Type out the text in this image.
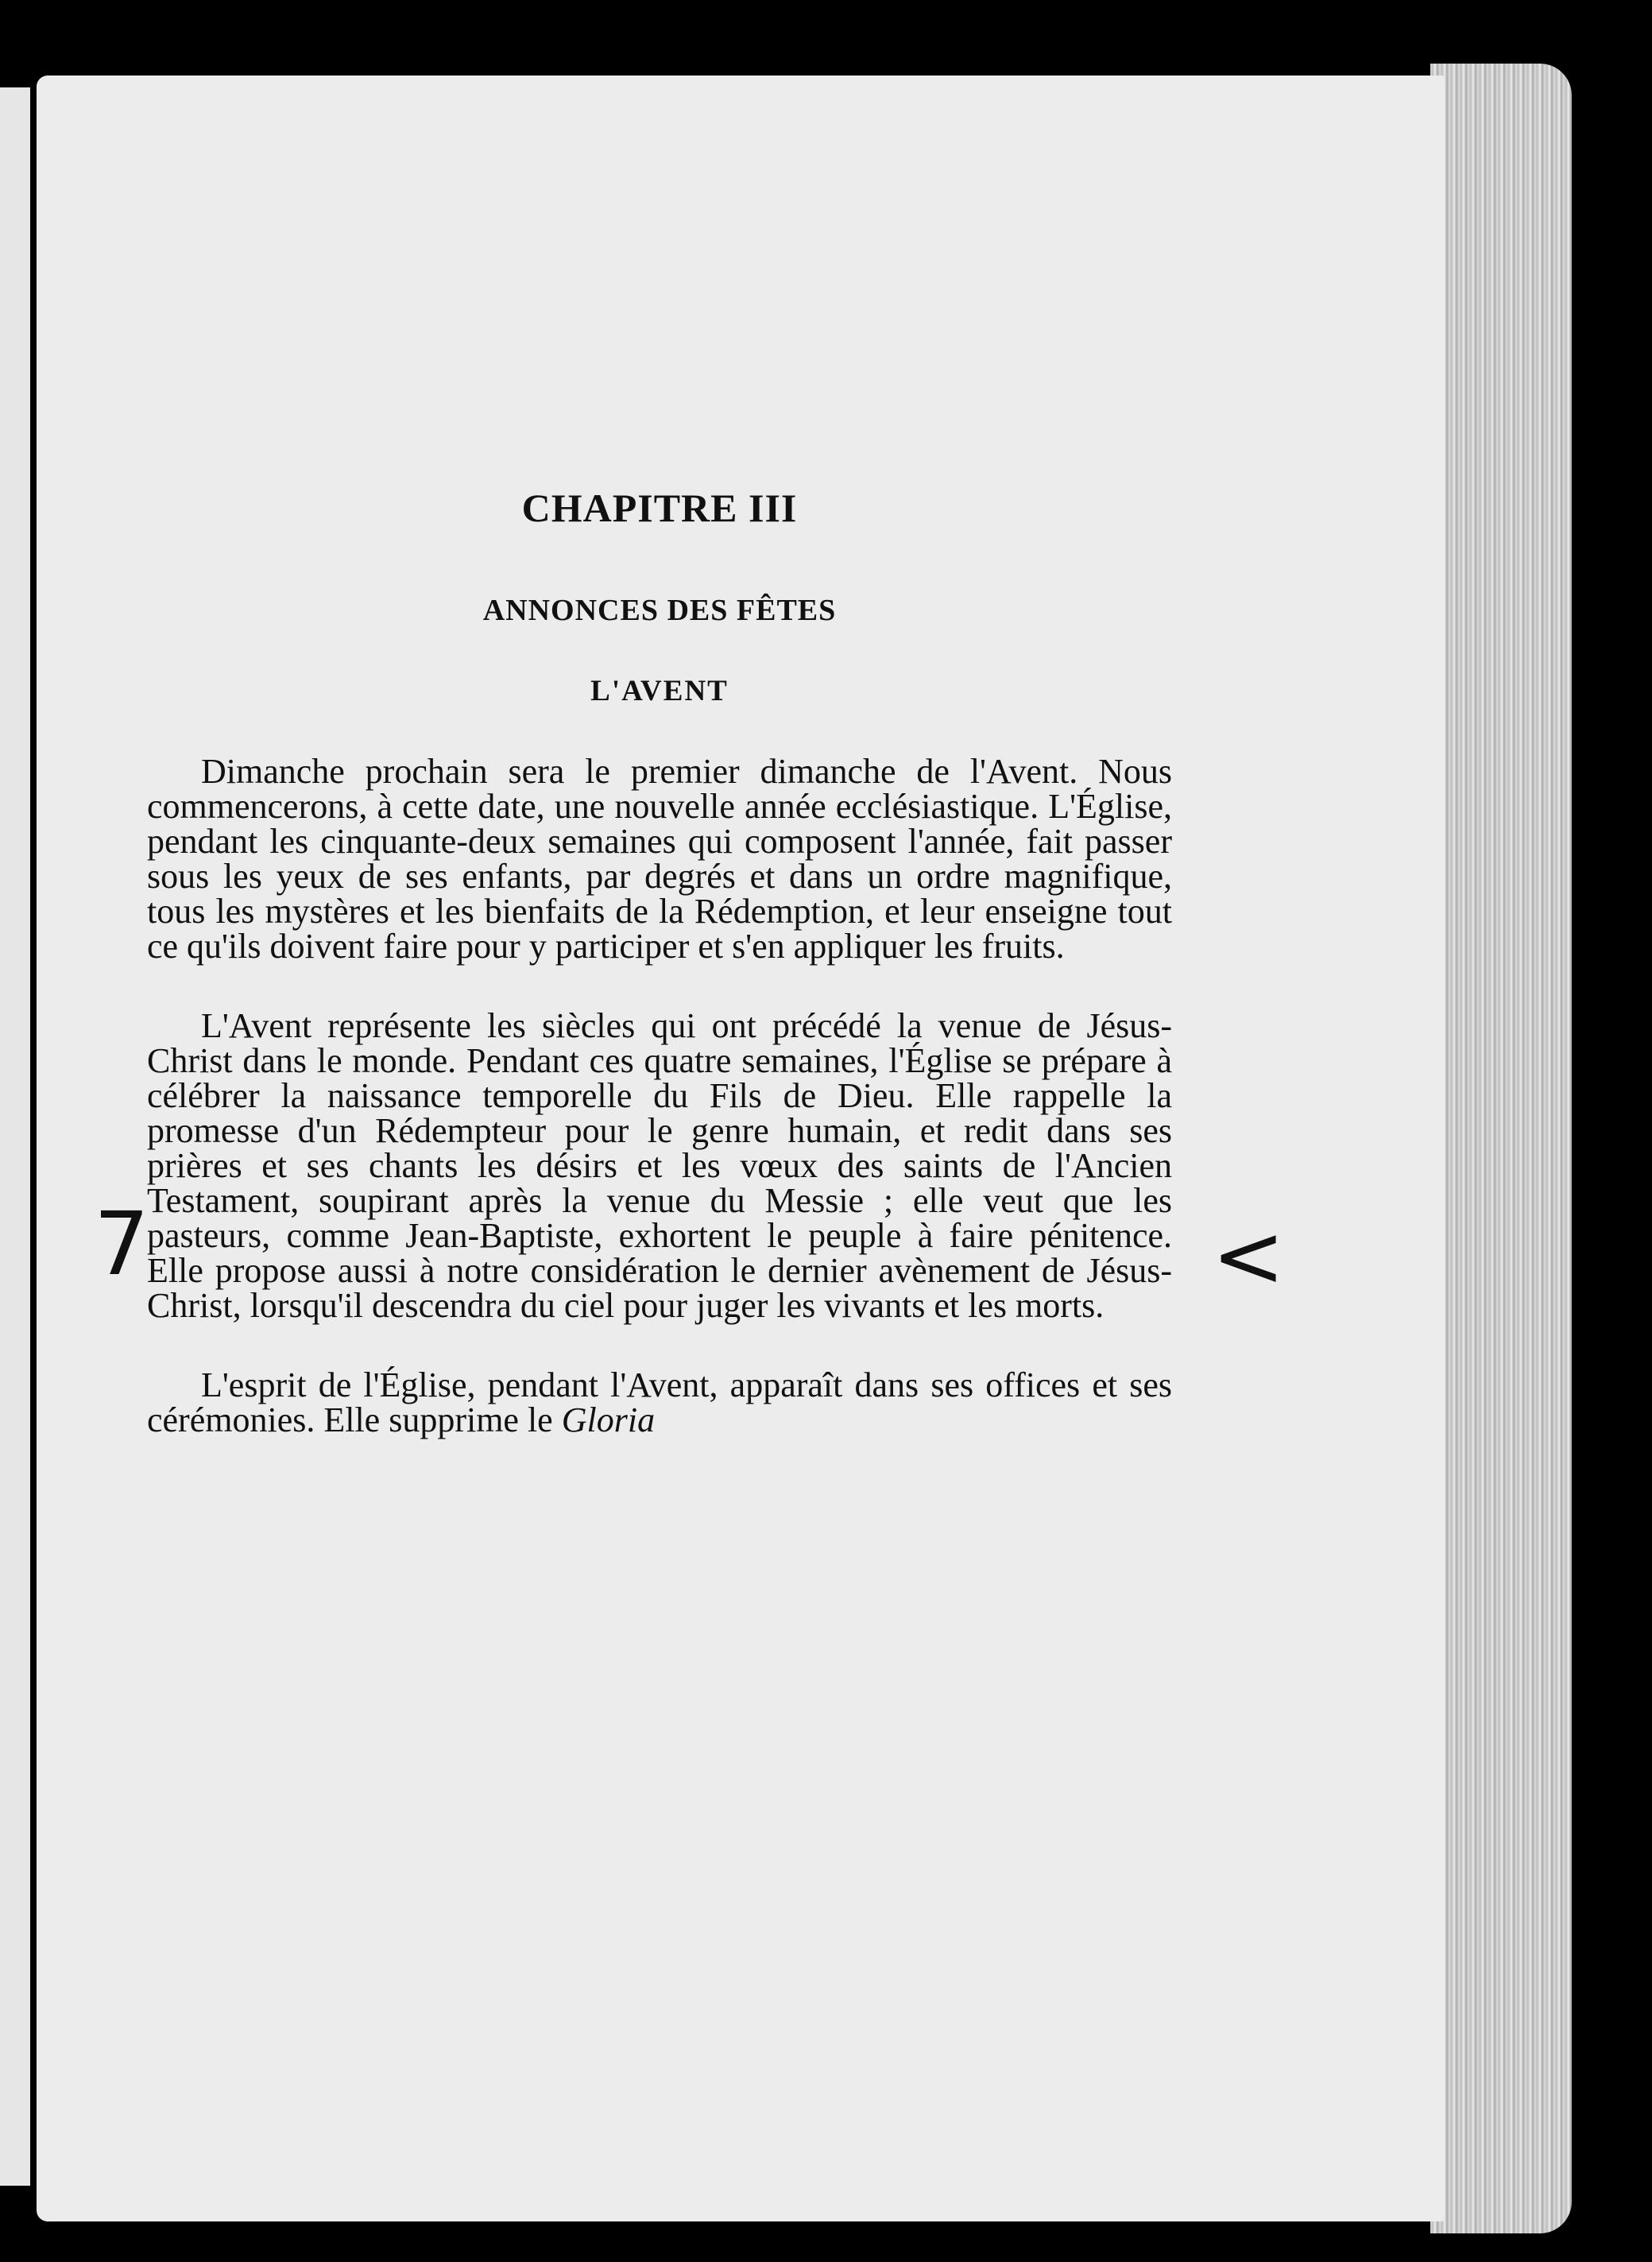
CHAPITRE III
ANNONCES DES FÊTES
L'AVENT

Dimanche prochain sera le premier dimanche de l'Avent. Nous commencerons, à cette date, une nouvelle année ecclésiastique. L'Église, pendant les cinquante-deux semaines qui composent l'année, fait passer sous les yeux de ses enfants, par degrés et dans un ordre magnifique, tous les mystères et les bienfaits de la Rédemption, et leur enseigne tout ce qu'ils doivent faire pour y participer et s'en appliquer les fruits.

L'Avent représente les siècles qui ont précédé la venue de Jésus-Christ dans le monde. Pendant ces quatre semaines, l'Église se prépare à célébrer la naissance temporelle du Fils de Dieu. Elle rappelle la promesse d'un Rédempteur pour le genre humain, et redit dans ses prières et ses chants les désirs et les vœux des saints de l'Ancien Testament, soupirant après la venue du Messie ; elle veut que les pasteurs, comme Jean-Baptiste, exhortent le peuple à faire pénitence. Elle propose aussi à notre considération le dernier avènement de Jésus-Christ, lorsqu'il descendra du ciel pour juger les vivants et les morts.

L'esprit de l'Église, pendant l'Avent, apparaît dans ses offices et ses cérémonies. Elle supprime le Gloria

7	<
